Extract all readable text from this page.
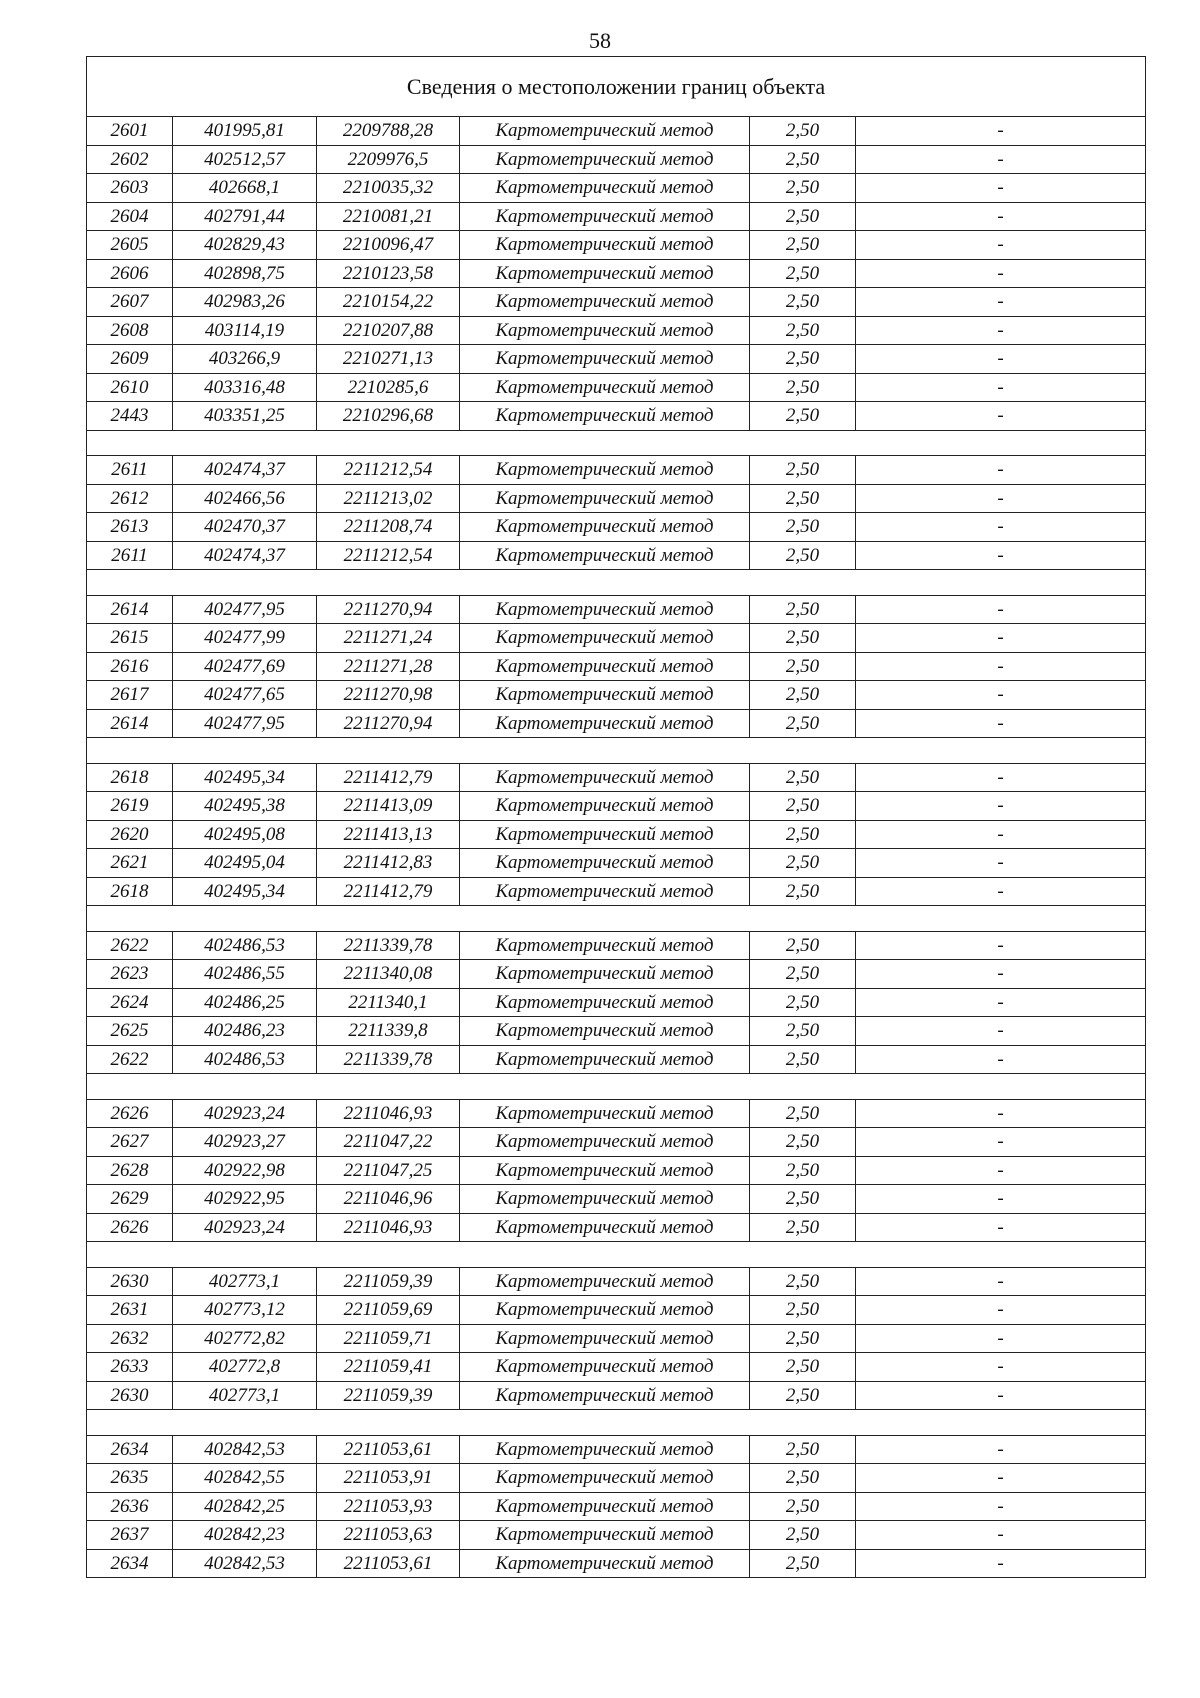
58
Сведения о местоположении границ объекта					
2601	401995,81	2209788,28	Картометрический метод	2,50	-
2602	402512,57	2209976,5	Картометрический метод	2,50	-
2603	402668,1	2210035,32	Картометрический метод	2,50	-
2604	402791,44	2210081,21	Картометрический метод	2,50	-
2605	402829,43	2210096,47	Картометрический метод	2,50	-
2606	402898,75	2210123,58	Картометрический метод	2,50	-
2607	402983,26	2210154,22	Картометрический метод	2,50	-
2608	403114,19	2210207,88	Картометрический метод	2,50	-
2609	403266,9	2210271,13	Картометрический метод	2,50	-
2610	403316,48	2210285,6	Картометрический метод	2,50	-
2443	403351,25	2210296,68	Картометрический метод	2,50	-

2611	402474,37	2211212,54	Картометрический метод	2,50	-
2612	402466,56	2211213,02	Картометрический метод	2,50	-
2613	402470,37	2211208,74	Картометрический метод	2,50	-
2611	402474,37	2211212,54	Картометрический метод	2,50	-

2614	402477,95	2211270,94	Картометрический метод	2,50	-
2615	402477,99	2211271,24	Картометрический метод	2,50	-
2616	402477,69	2211271,28	Картометрический метод	2,50	-
2617	402477,65	2211270,98	Картометрический метод	2,50	-
2614	402477,95	2211270,94	Картометрический метод	2,50	-

2618	402495,34	2211412,79	Картометрический метод	2,50	-
2619	402495,38	2211413,09	Картометрический метод	2,50	-
2620	402495,08	2211413,13	Картометрический метод	2,50	-
2621	402495,04	2211412,83	Картометрический метод	2,50	-
2618	402495,34	2211412,79	Картометрический метод	2,50	-

2622	402486,53	2211339,78	Картометрический метод	2,50	-
2623	402486,55	2211340,08	Картометрический метод	2,50	-
2624	402486,25	2211340,1	Картометрический метод	2,50	-
2625	402486,23	2211339,8	Картометрический метод	2,50	-
2622	402486,53	2211339,78	Картометрический метод	2,50	-

2626	402923,24	2211046,93	Картометрический метод	2,50	-
2627	402923,27	2211047,22	Картометрический метод	2,50	-
2628	402922,98	2211047,25	Картометрический метод	2,50	-
2629	402922,95	2211046,96	Картометрический метод	2,50	-
2626	402923,24	2211046,93	Картометрический метод	2,50	-

2630	402773,1	2211059,39	Картометрический метод	2,50	-
2631	402773,12	2211059,69	Картометрический метод	2,50	-
2632	402772,82	2211059,71	Картометрический метод	2,50	-
2633	402772,8	2211059,41	Картометрический метод	2,50	-
2630	402773,1	2211059,39	Картометрический метод	2,50	-

2634	402842,53	2211053,61	Картометрический метод	2,50	-
2635	402842,55	2211053,91	Картометрический метод	2,50	-
2636	402842,25	2211053,93	Картометрический метод	2,50	-
2637	402842,23	2211053,63	Картометрический метод	2,50	-
2634	402842,53	2211053,61	Картометрический метод	2,50	-
